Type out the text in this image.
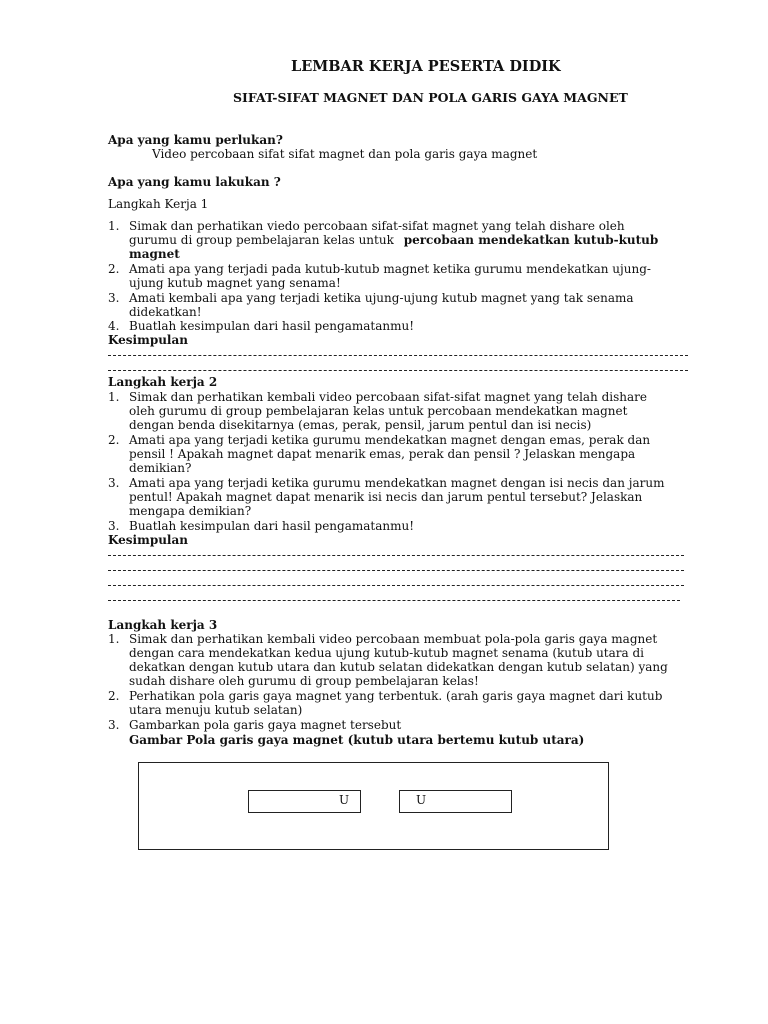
LEMBAR KERJA PESERTA DIDIK
SIFAT-SIFAT MAGNET DAN POLA GARIS GAYA MAGNET
Apa yang kamu perlukan?
Video percobaan sifat sifat magnet dan pola garis gaya magnet
Apa yang kamu lakukan ?
Langkah Kerja 1
1. Simak dan perhatikan viedo percobaan sifat-sifat magnet yang telah dishare oleh
gurumu di group pembelajaran kelas untuk percobaan mendekatkan kutub-kutub
magnet
2. Amati apa yang terjadi pada kutub-kutub magnet ketika gurumu mendekatkan ujung-
ujung kutub magnet yang senama!
3. Amati kembali apa yang terjadi ketika ujung-ujung kutub magnet yang tak senama
didekatkan!
4. Buatlah kesimpulan dari hasil pengamatanmu!
Kesimpulan
Langkah kerja 2
1. Simak dan perhatikan kembali video percobaan sifat-sifat magnet yang telah dishare
oleh gurumu di group pembelajaran kelas untuk percobaan mendekatkan magnet
dengan benda disekitarnya (emas, perak, pensil, jarum pentul dan isi necis)
2. Amati apa yang terjadi ketika gurumu mendekatkan magnet dengan emas, perak dan
pensil ! Apakah magnet dapat menarik emas, perak dan pensil ? Jelaskan mengapa
demikian?
3. Amati apa yang terjadi ketika gurumu mendekatkan magnet dengan isi necis dan jarum
pentul! Apakah magnet dapat menarik isi necis dan jarum pentul tersebut? Jelaskan
mengapa demikian?
3. Buatlah kesimpulan dari hasil pengamatanmu!
Kesimpulan
Langkah kerja 3
1. Simak dan perhatikan kembali video percobaan membuat pola-pola garis gaya magnet
dengan cara mendekatkan kedua ujung kutub-kutub magnet senama (kutub utara di
dekatkan dengan kutub utara dan kutub selatan didekatkan dengan kutub selatan) yang
sudah dishare oleh gurumu di group pembelajaran kelas!
2. Perhatikan pola garis gaya magnet yang terbentuk. (arah garis gaya magnet dari kutub
utara menuju kutub selatan)
3. Gambarkan pola garis gaya magnet tersebut
Gambar Pola garis gaya magnet (kutub utara bertemu kutub utara)
U	U
